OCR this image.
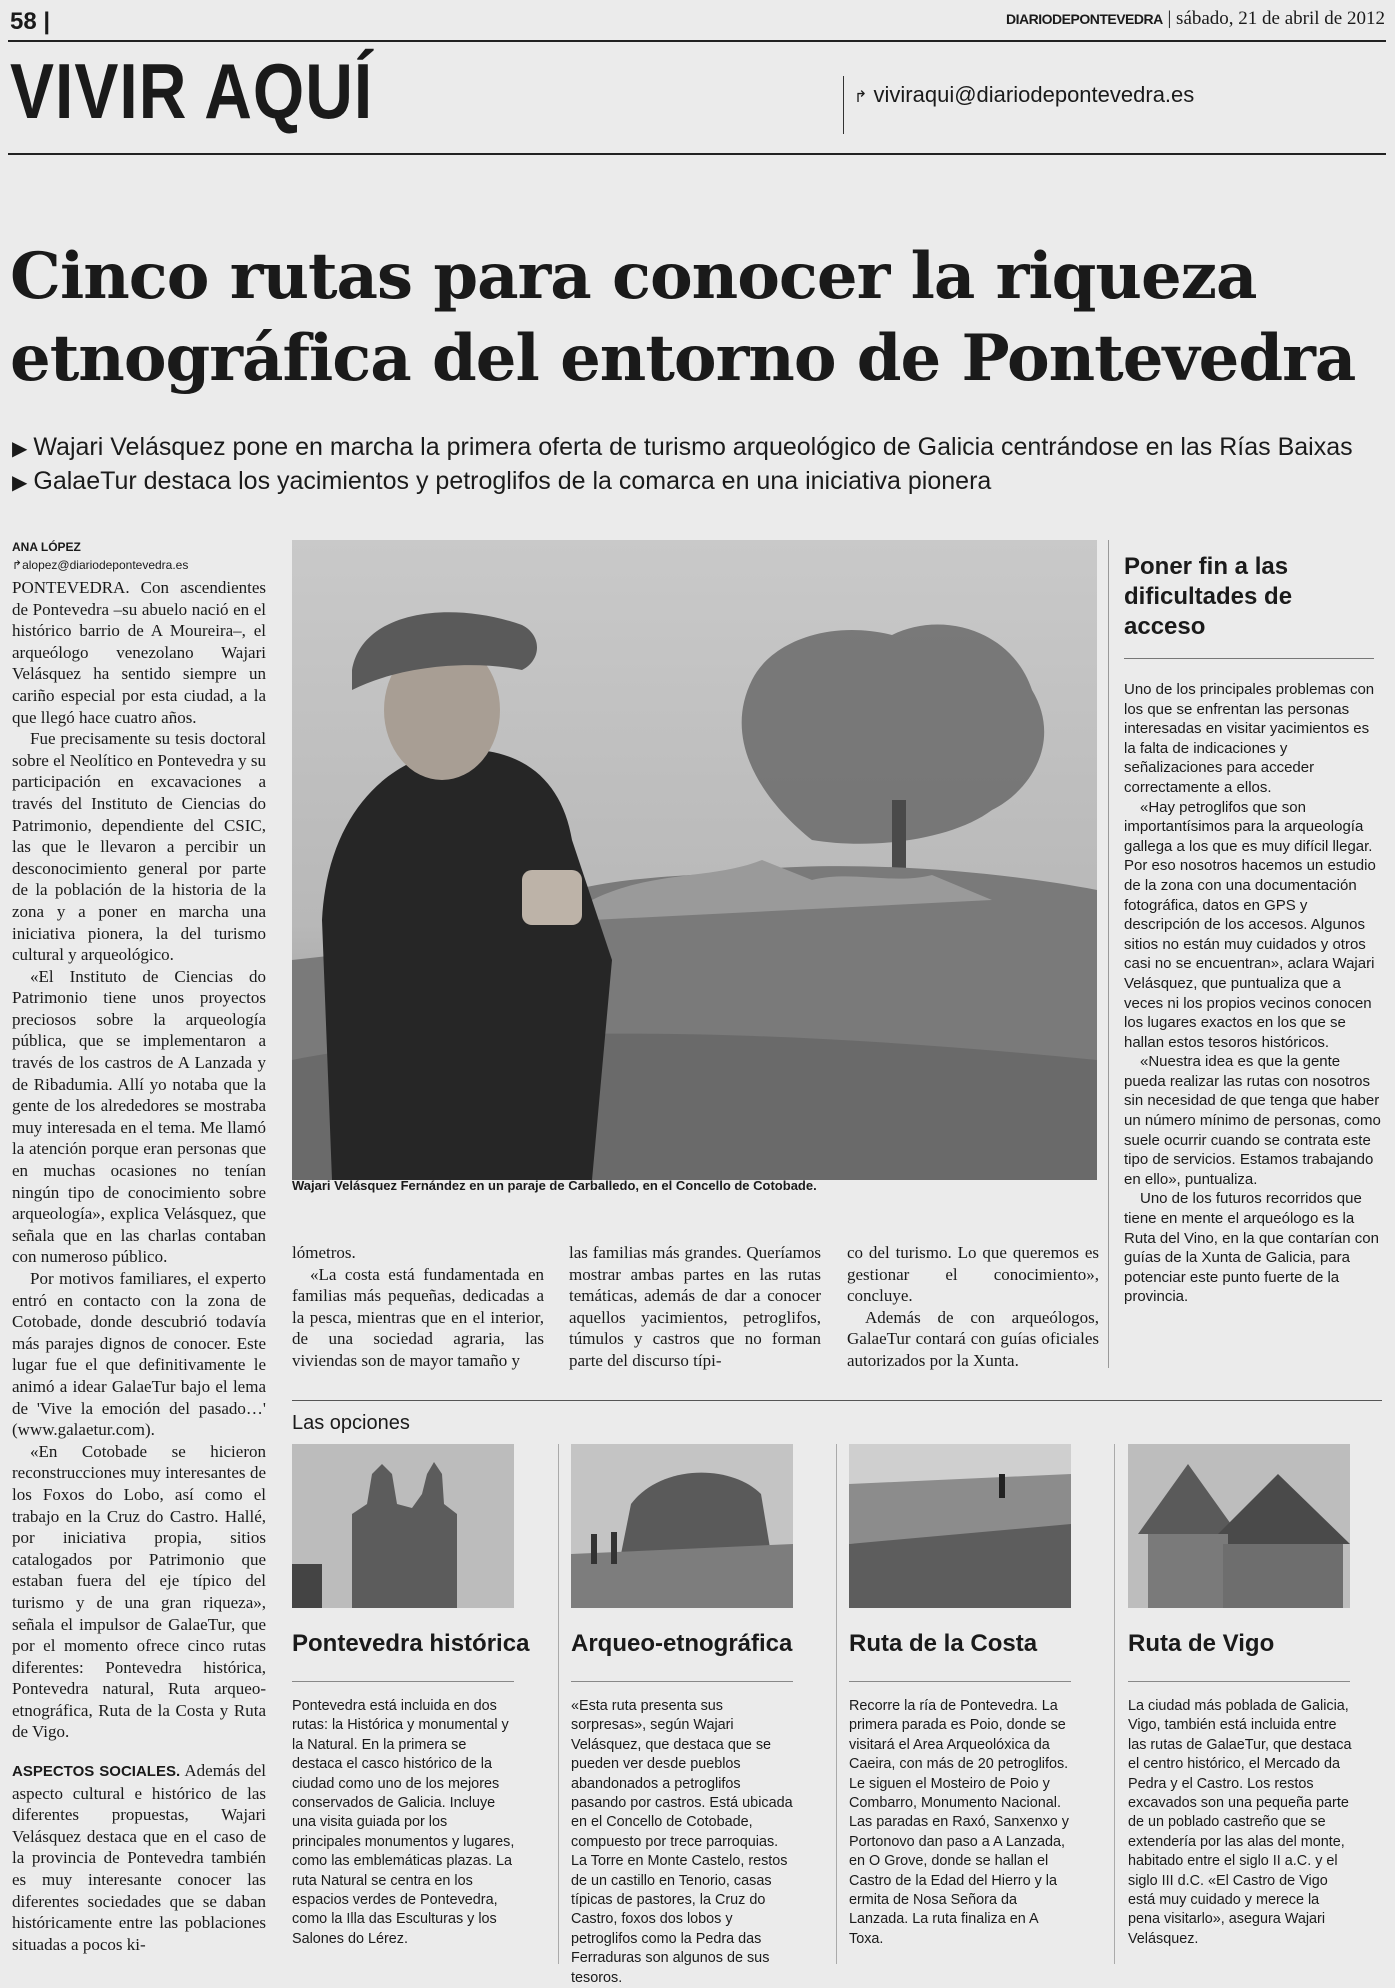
58 |	DIARIODEPONTEVEDRA | sábado, 21 de abril de 2012
VIVIR AQUÍ	↱ viviraqui@diariodepontevedra.es
Cinco rutas para conocer la riqueza
etnográfica del entorno de Pontevedra
▶ Wajari Velásquez pone en marcha la primera oferta de turismo arqueológico de Galicia centrándose en las Rías Baixas
▶ GalaeTur destaca los yacimientos y petroglifos de la comarca en una iniciativa pionera
ANA LÓPEZ
↱alopez@diariodepontevedra.es

PONTEVEDRA. Con ascendientes de Pontevedra –su abuelo nació en el histórico barrio de A Moureira–, el arqueólogo venezolano Wajari Velásquez ha sentido siempre un cariño especial por esta ciudad, a la que llegó hace cuatro años.

Fue precisamente su tesis doctoral sobre el Neolítico en Pontevedra y su participación en excavaciones a través del Instituto de Ciencias do Patrimonio, dependiente del CSIC, las que le llevaron a percibir un desconocimiento general por parte de la población de la historia de la zona y a poner en marcha una iniciativa pionera, la del turismo cultural y arqueológico.

«El Instituto de Ciencias do Patrimonio tiene unos proyectos preciosos sobre la arqueología pública, que se implementaron a través de los castros de A Lanzada y de Ribadumia. Allí yo notaba que la gente de los alrededores se mostraba muy interesada en el tema. Me llamó la atención porque eran personas que en muchas ocasiones no tenían ningún tipo de conocimiento sobre arqueología», explica Velásquez, que señala que en las charlas contaban con numeroso público.

Por motivos familiares, el experto entró en contacto con la zona de Cotobade, donde descubrió todavía más parajes dignos de conocer. Este lugar fue el que definitivamente le animó a idear GalaeTur bajo el lema de 'Vive la emoción del pasado…' (www.galaetur.com).

«En Cotobade se hicieron reconstrucciones muy interesantes de los Foxos do Lobo, así como el trabajo en la Cruz do Castro. Hallé, por iniciativa propia, sitios catalogados por Patrimonio que estaban fuera del eje típico del turismo y de una gran riqueza», señala el impulsor de GalaeTur, que por el momento ofrece cinco rutas diferentes: Pontevedra histórica, Pontevedra natural, Ruta arqueo-etnográfica, Ruta de la Costa y Ruta de Vigo.

ASPECTOS SOCIALES. Además del aspecto cultural e histórico de las diferentes propuestas, Wajari Velásquez destaca que en el caso de la provincia de Pontevedra también es muy interesante conocer las diferentes sociedades que se daban históricamente entre las poblaciones situadas a pocos ki-
Wajari Velásquez Fernández en un paraje de Carballedo, en el Concello de Cotobade.

lómetros.

«La costa está fundamentada en familias más pequeñas, dedicadas a la pesca, mientras que en el interior, de una sociedad agraria, las viviendas son de mayor tamaño y

las familias más grandes. Queríamos mostrar ambas partes en las rutas temáticas, además de dar a conocer aquellos yacimientos, petroglifos, túmulos y castros que no forman parte del discurso típi-

co del turismo. Lo que queremos es gestionar el conocimiento», concluye.

Además de con arqueólogos, GalaeTur contará con guías oficiales autorizados por la Xunta.

Poner fin a las dificultades de acceso

Uno de los principales problemas con los que se enfrentan las personas interesadas en visitar yacimientos es la falta de indicaciones y señalizaciones para acceder correctamente a ellos.

«Hay petroglifos que son importantísimos para la arqueología gallega a los que es muy difícil llegar. Por eso nosotros hacemos un estudio de la zona con una documentación fotográfica, datos en GPS y descripción de los accesos. Algunos sitios no están muy cuidados y otros casi no se encuentran», aclara Wajari Velásquez, que puntualiza que a veces ni los propios vecinos conocen los lugares exactos en los que se hallan estos tesoros históricos.

«Nuestra idea es que la gente pueda realizar las rutas con nosotros sin necesidad de que tenga que haber un número mínimo de personas, como suele ocurrir cuando se contrata este tipo de servicios. Estamos trabajando en ello», puntualiza.

Uno de los futuros recorridos que tiene en mente el arqueólogo es la Ruta del Vino, en la que contarían con guías de la Xunta de Galicia, para potenciar este punto fuerte de la provincia.

Las opciones
Pontevedra histórica
Pontevedra está incluida en dos rutas: la Histórica y monumental y la Natural. En la primera se destaca el casco histórico de la ciudad como uno de los mejores conservados de Galicia. Incluye una visita guiada por los principales monumentos y lugares, como las emblemáticas plazas. La ruta Natural se centra en los espacios verdes de Pontevedra, como la Illa das Esculturas y los Salones do Lérez.
Arqueo-etnográfica
«Esta ruta presenta sus sorpresas», según Wajari Velásquez, que destaca que se pueden ver desde pueblos abandonados a petroglifos pasando por castros. Está ubicada en el Concello de Cotobade, compuesto por trece parroquias. La Torre en Monte Castelo, restos de un castillo en Tenorio, casas típicas de pastores, la Cruz do Castro, foxos dos lobos y petroglifos como la Pedra das Ferraduras son algunos de sus tesoros.
Ruta de la Costa
Recorre la ría de Pontevedra. La primera parada es Poio, donde se visitará el Area Arqueolóxica da Caeira, con más de 20 petroglifos. Le siguen el Mosteiro de Poio y Combarro, Monumento Nacional. Las paradas en Raxó, Sanxenxo y Portonovo dan paso a A Lanzada, en O Grove, donde se hallan el Castro de la Edad del Hierro y la ermita de Nosa Señora da Lanzada. La ruta finaliza en A Toxa.
Ruta de Vigo
La ciudad más poblada de Galicia, Vigo, también está incluida entre las rutas de GalaeTur, que destaca el centro histórico, el Mercado da Pedra y el Castro. Los restos excavados son una pequeña parte de un poblado castreño que se extendería por las alas del monte, habitado entre el siglo II a.C. y el siglo III d.C. «El Castro de Vigo está muy cuidado y merece la pena visitarlo», asegura Wajari Velásquez.
